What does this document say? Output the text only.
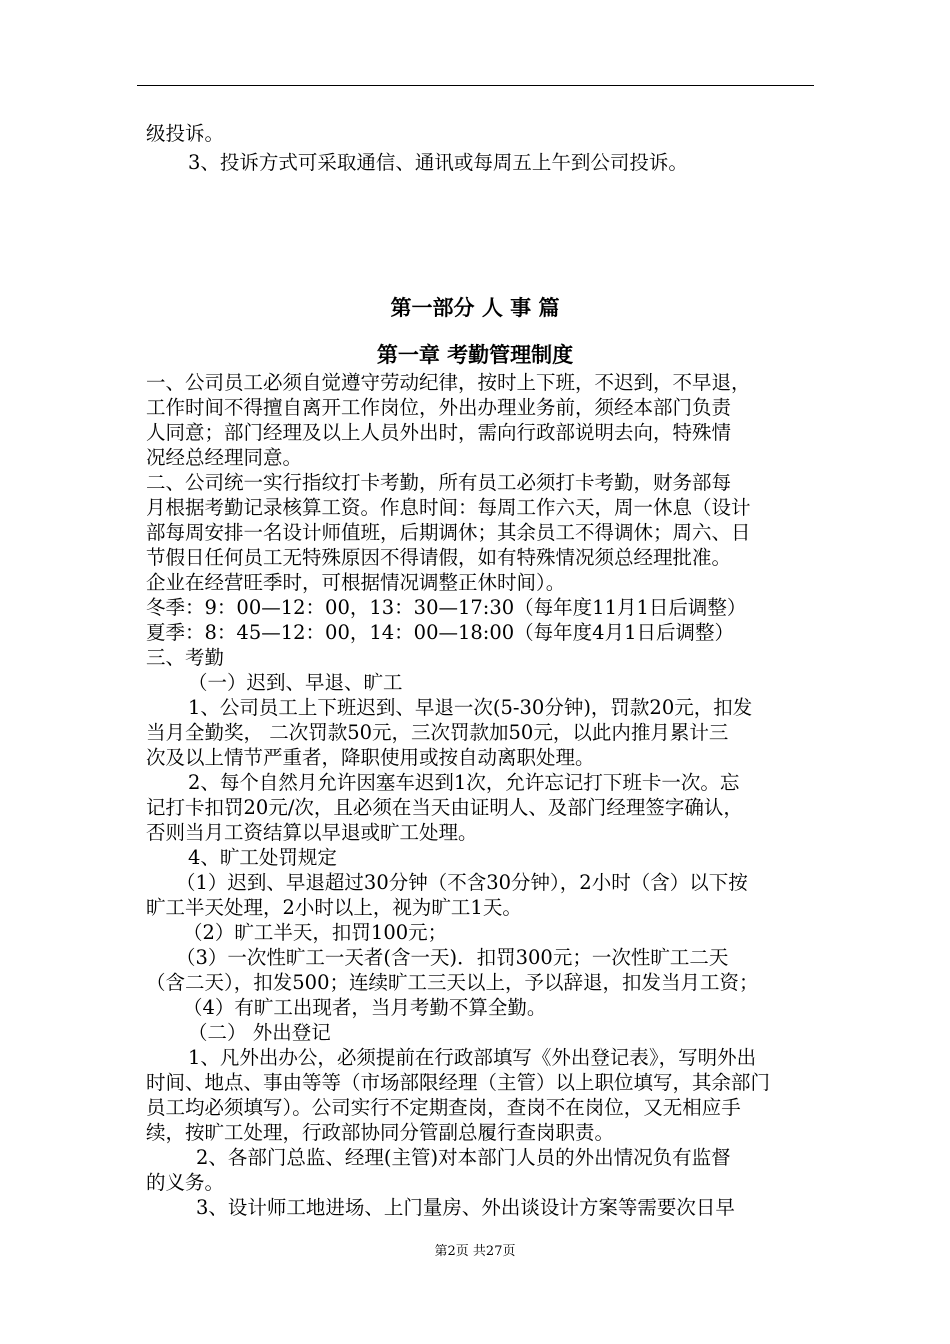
级投诉。
3、投诉方式可采取通信、通讯或每周五上午到公司投诉。
第一部分 人 事 篇
第一章 考勤管理制度
一、公司员工必须自觉遵守劳动纪律，按时上下班，不迟到，不早退，
工作时间不得擅自离开工作岗位，外出办理业务前，须经本部门负责
人同意；部门经理及以上人员外出时，需向行政部说明去向，特殊情
况经总经理同意。
二、公司统一实行指纹打卡考勤，所有员工必须打卡考勤，财务部每
月根据考勤记录核算工资。作息时间：每周工作六天，周一休息（设计
部每周安排一名设计师值班，后期调休；其余员工不得调休；周六、日
节假日任何员工无特殊原因不得请假，如有特殊情况须总经理批准。
企业在经营旺季时，可根据情况调整正休时间）。
冬季：9：00—12：00，13：30—17:30（每年度11月1日后调整）
夏季：8：45—12：00，14：00—18:00（每年度4月1日后调整）
三、考勤
（一）迟到、早退、旷工
1、公司员工上下班迟到、早退一次(5-30分钟)，罚款20元，扣发
当月全勤奖， 二次罚款50元，三次罚款加50元，以此内推月累计三
次及以上情节严重者，降职使用或按自动离职处理。
2、每个自然月允许因塞车迟到1次，允许忘记打下班卡一次。忘
记打卡扣罚20元/次，且必须在当天由证明人、及部门经理签字确认，
否则当月工资结算以早退或旷工处理。
4、旷工处罚规定
（1）迟到、早退超过30分钟（不含30分钟），2小时（含）以下按
旷工半天处理，2小时以上，视为旷工1天。
（2）旷工半天，扣罚100元；
（3）一次性旷工一天者(含一天)．扣罚300元；一次性旷工二天
（含二天），扣发500；连续旷工三天以上，予以辞退，扣发当月工资；
（4）有旷工出现者，当月考勤不算全勤。
（二） 外出登记
1、凡外出办公，必须提前在行政部填写《外出登记表》，写明外出
时间、地点、事由等等（市场部限经理（主管）以上职位填写，其余部门
员工均必须填写）。公司实行不定期查岗，查岗不在岗位，又无相应手
续，按旷工处理，行政部协同分管副总履行查岗职责。
2、各部门总监、经理(主管)对本部门人员的外出情况负有监督
的义务。
3、设计师工地进场、上门量房、外出谈设计方案等需要次日早
第2页 共27页
